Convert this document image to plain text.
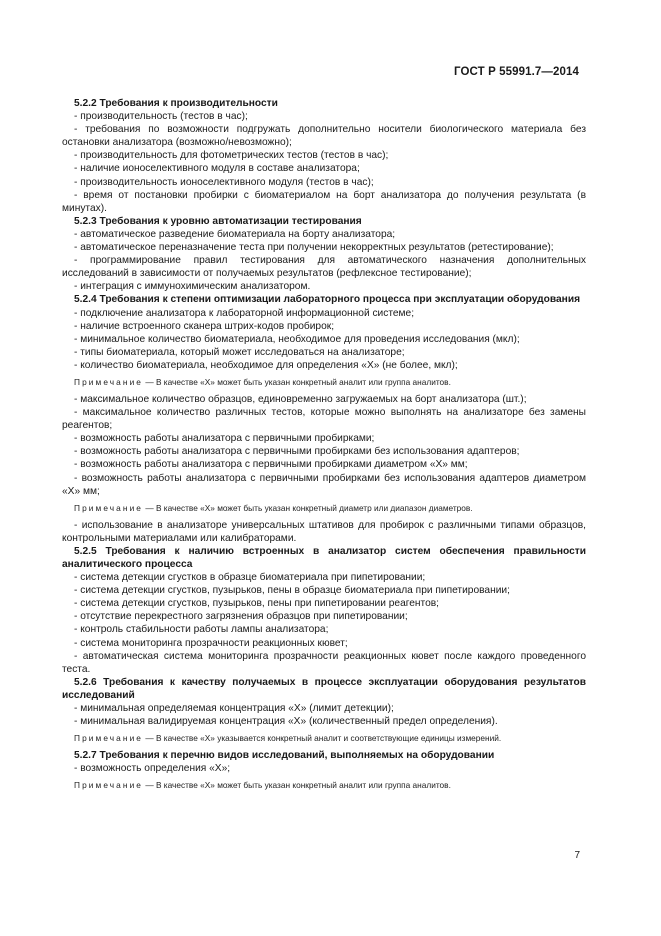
ГОСТ Р 55991.7—2014

5.2.2 Требования к производительности

- производительность (тестов в час);

- требования по возможности подгружать дополнительно носители биологического материала без остановки анализатора (возможно/невозможно);

- производительность для фотометрических тестов (тестов в час);

- наличие ионоселективного модуля в составе анализатора;

- производительность ионоселективного модуля (тестов в час);

- время от постановки пробирки с биоматериалом на борт анализатора до получения результата (в минутах).

5.2.3 Требования к уровню автоматизации тестирования

- автоматическое разведение биоматериала на борту анализатора;

- автоматическое переназначение теста при получении некорректных результатов (ретестирование);

- программирование правил тестирования для автоматического назначения дополнительных исследований в зависимости от получаемых результатов (рефлексное тестирование);

- интеграция с иммунохимическим анализатором.

5.2.4 Требования к степени оптимизации лабораторного процесса при эксплуатации оборудования

- подключение анализатора к лабораторной информационной системе;

- наличие встроенного сканера штрих-кодов пробирок;

- минимальное количество биоматериала, необходимое для проведения исследования (мкл);

- типы биоматериала, который может исследоваться на анализаторе;

- количество биоматериала, необходимое для определения «Х» (не более, мкл);

Примечание — В качестве «Х» может быть указан конкретный аналит или группа аналитов.

- максимальное количество образцов, единовременно загружаемых на борт анализатора (шт.);

- максимальное количество различных тестов, которые можно выполнять на анализаторе без замены реагентов;

- возможность работы анализатора с первичными пробирками;

- возможность работы анализатора с первичными пробирками без использования адаптеров;

- возможность работы анализатора с первичными пробирками диаметром «Х» мм;

- возможность работы анализатора с первичными пробирками без использования адаптеров диаметром «Х» мм;

Примечание — В качестве «Х» может быть указан конкретный диаметр или диапазон диаметров.

- использование в анализаторе универсальных штативов для пробирок с различными типами образцов, контрольными материалами или калибраторами.

5.2.5 Требования к наличию встроенных в анализатор систем обеспечения правильности аналитического процесса

- система детекции сгустков в образце биоматериала при пипетировании;

- система детекции сгустков, пузырьков, пены в образце биоматериала при пипетировании;

- система детекции сгустков, пузырьков, пены при пипетировании реагентов;

- отсутствие перекрестного загрязнения образцов при пипетировании;

- контроль стабильности работы лампы анализатора;

- система мониторинга прозрачности реакционных кювет;

- автоматическая система мониторинга прозрачности реакционных кювет после каждого проведенного теста.

5.2.6 Требования к качеству получаемых в процессе эксплуатации оборудования результатов исследований

- минимальная определяемая концентрация «Х» (лимит детекции);

- минимальная валидируемая концентрация «Х» (количественный предел определения).

Примечание — В качестве «Х» указывается конкретный аналит и соответствующие единицы измерений.

5.2.7 Требования к перечню видов исследований, выполняемых на оборудовании

- возможность определения «Х»;

Примечание — В качестве «Х» может быть указан конкретный аналит или группа аналитов.

7
